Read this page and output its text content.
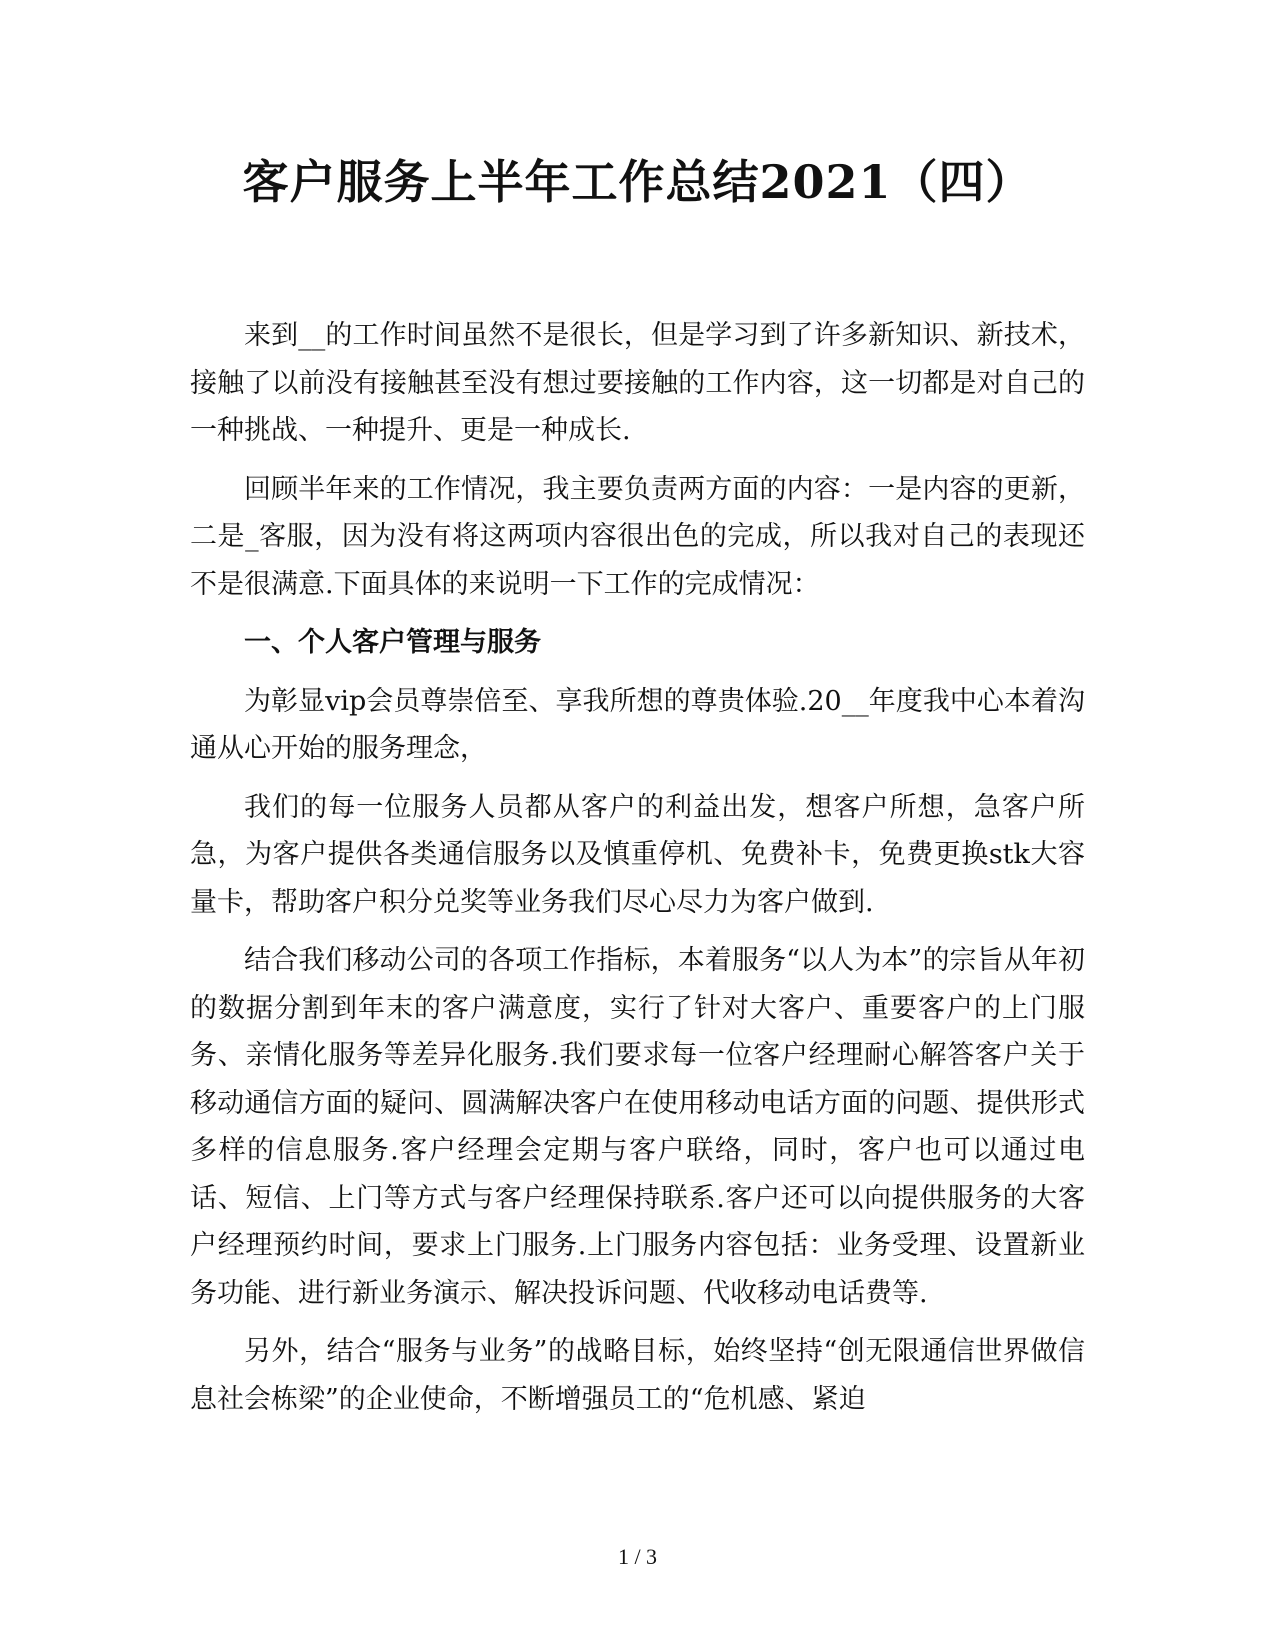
客户服务上半年工作总结2021（四）

来到__的工作时间虽然不是很长，但是学习到了许多新知识、新技术，接触了以前没有接触甚至没有想过要接触的工作内容，这一切都是对自己的一种挑战、一种提升、更是一种成长.

回顾半年来的工作情况，我主要负责两方面的内容：一是内容的更新，二是_客服，因为没有将这两项内容很出色的完成，所以我对自己的表现还不是很满意.下面具体的来说明一下工作的完成情况：

一、个人客户管理与服务

为彰显vip会员尊崇倍至、享我所想的尊贵体验.20__年度我中心本着沟通从心开始的服务理念，

我们的每一位服务人员都从客户的利益出发，想客户所想，急客户所急，为客户提供各类通信服务以及慎重停机、免费补卡，免费更换stk大容量卡，帮助客户积分兑奖等业务我们尽心尽力为客户做到.

结合我们移动公司的各项工作指标，本着服务“以人为本”的宗旨从年初的数据分割到年末的客户满意度，实行了针对大客户、重要客户的上门服务、亲情化服务等差异化服务.我们要求每一位客户经理耐心解答客户关于移动通信方面的疑问、圆满解决客户在使用移动电话方面的问题、提供形式多样的信息服务.客户经理会定期与客户联络，同时，客户也可以通过电话、短信、上门等方式与客户经理保持联系.客户还可以向提供服务的大客户经理预约时间，要求上门服务.上门服务内容包括：业务受理、设置新业务功能、进行新业务演示、解决投诉问题、代收移动电话费等.

另外，结合“服务与业务”的战略目标，始终坚持“创无限通信世界做信息社会栋梁”的企业使命，不断增强员工的“危机感、紧迫

1 / 3
